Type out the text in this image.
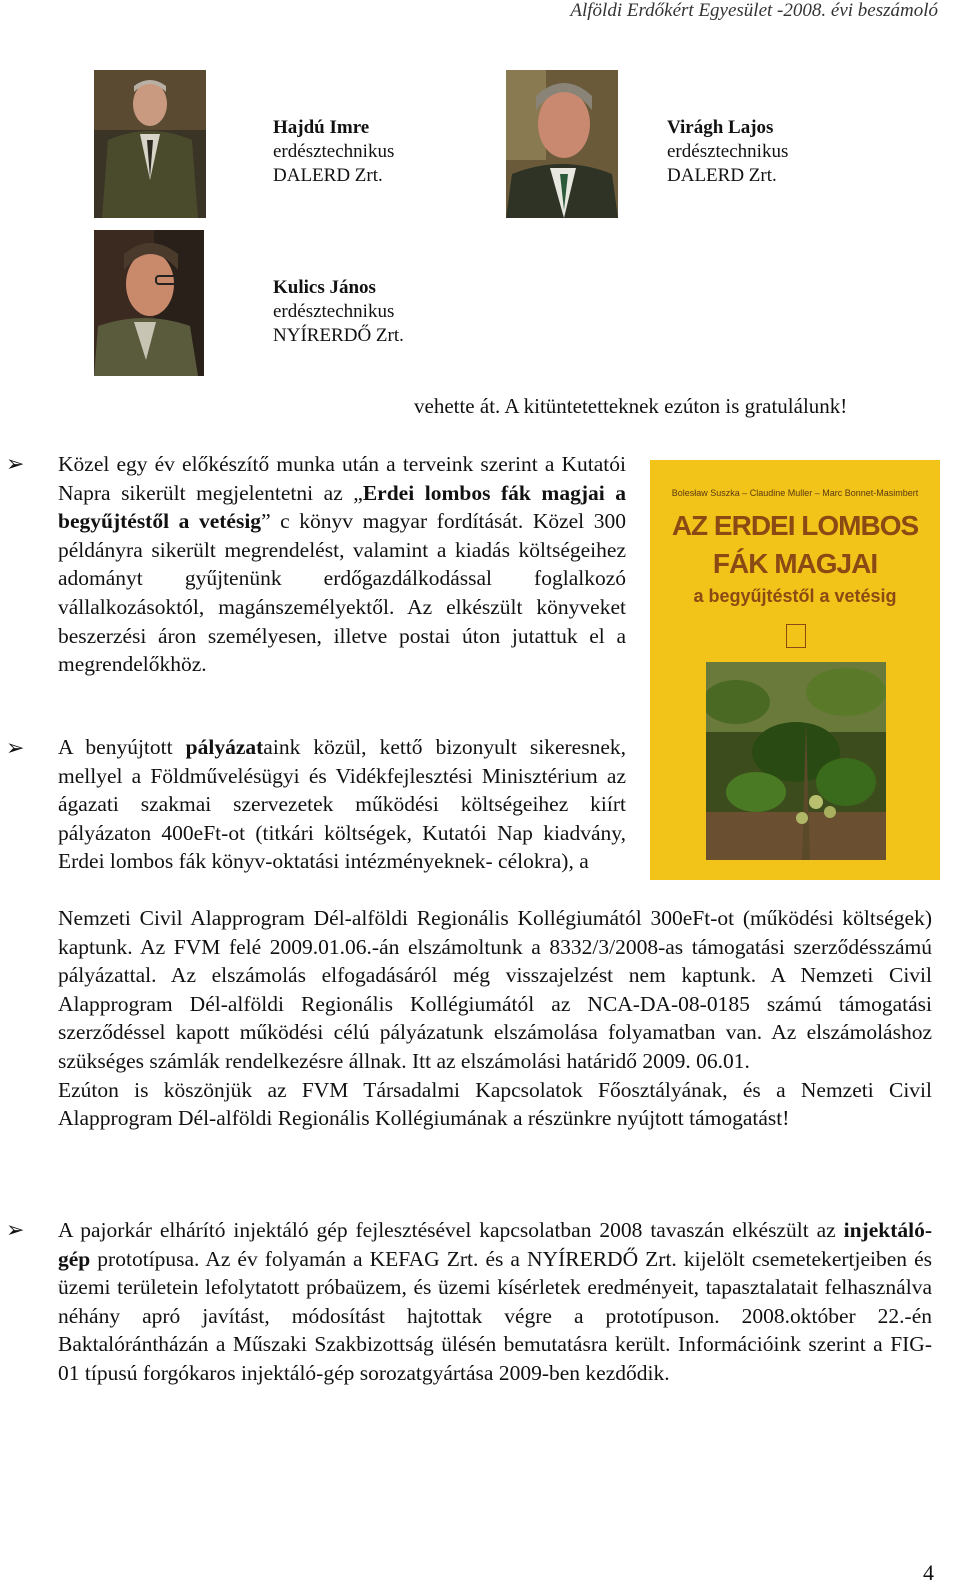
Alföldi Erdőkért Egyesület -2008. évi beszámoló
Hajdú Imre
erdésztechnikus
DALERD Zrt.
Virágh Lajos
erdésztechnikus
DALERD Zrt.
Kulics János
erdésztechnikus
NYÍRERDŐ Zrt.
vehette át. A kitüntetetteknek ezúton is gratulálunk!
➢ Közel egy év előkészítő munka után a terveink szerint a Kutatói Napra sikerült megjelentetni az „Erdei lombos fák magjai a begyűjtéstől a vetésig” c könyv magyar fordítását. Közel 300 példányra sikerült megrendelést, valamint a kiadás költségeihez adományt gyűjtenünk erdőgazdálkodással foglalkozó vállalkozásoktól, magánszemélyektől. Az elkészült könyveket beszerzési áron személyesen, illetve postai úton jutattuk el a megrendelőkhöz.

Bolesław Suszka – Claudine Muller – Marc Bonnet-Masimbert
AZ ERDEI LOMBOS
FÁK MAGJAI
a begyűjtéstől a vetésig
➢ A benyújtott pályázataink közül, kettő bizonyult sikeresnek, mellyel a Földművelésügyi és Vidékfejlesztési Minisztérium az ágazati szakmai szervezetek működési költségeihez kiírt pályázaton 400eFt-ot (titkári költségek, Kutatói Nap kiadvány, Erdei lombos fák könyv-oktatási intézményeknek- célokra), a

Nemzeti Civil Alapprogram Dél-alföldi Regionális Kollégiumától 300eFt-ot (működési költségek) kaptunk. Az FVM felé 2009.01.06.-án elszámoltunk a 8332/3/2008-as támogatási szerződésszámú pályázattal. Az elszámolás elfogadásáról még visszajelzést nem kaptunk. A Nemzeti Civil Alapprogram Dél-alföldi Regionális Kollégiumától az NCA-DA-08-0185 számú támogatási szerződéssel kapott működési célú pályázatunk elszámolása folyamatban van. Az elszámoláshoz szükséges számlák rendelkezésre állnak. Itt az elszámolási határidő 2009. 06.01.

Ezúton is köszönjük az FVM Társadalmi Kapcsolatok Főosztályának, és a Nemzeti Civil Alapprogram Dél-alföldi Regionális Kollégiumának a részünkre nyújtott támogatást!

➢ A pajorkár elhárító injektáló gép fejlesztésével kapcsolatban 2008 tavaszán elkészült az injektáló-gép prototípusa. Az év folyamán a KEFAG Zrt. és a NYÍRERDŐ Zrt. kijelölt csemetekertjeiben és üzemi területein lefolytatott próbaüzem, és üzemi kísérletek eredményeit, tapasztalatait felhasználva néhány apró javítást, módosítást hajtottak végre a prototípuson. 2008.október 22.-én Baktalórántházán a Műszaki Szakbizottság ülésén bemutatásra került. Információink szerint a FIG-01 típusú forgókaros injektáló-gép sorozatgyártása 2009-ben kezdődik.

4
